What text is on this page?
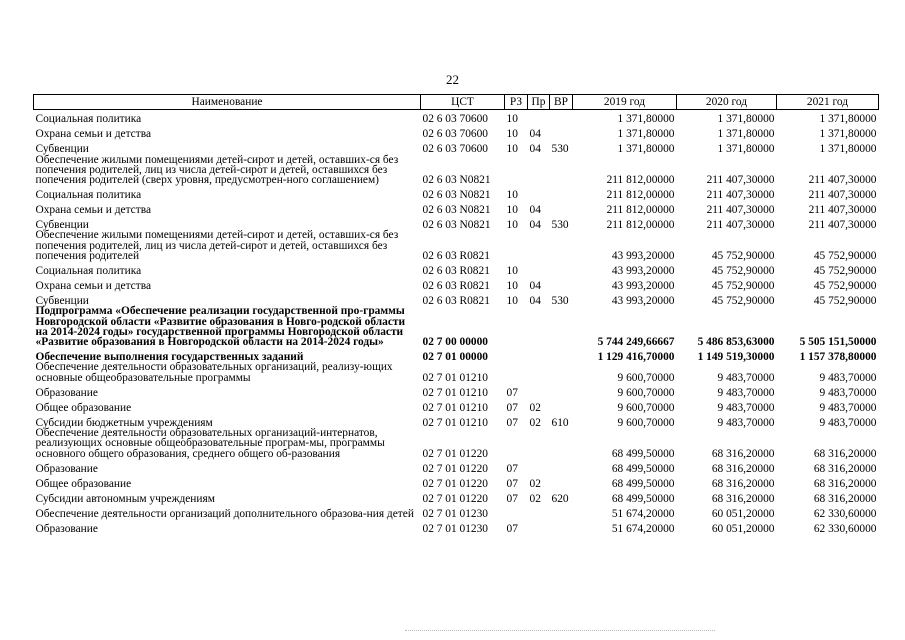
22
Наименование	ЦСТ	РЗ	Пр	ВР	2019 год	2020 год	2021 год
Социальная политика	02 6 03 70600	10			1 371,80000	1 371,80000	1 371,80000
Охрана семьи и детства	02 6 03 70600	10	04		1 371,80000	1 371,80000	1 371,80000
Субвенции	02 6 03 70600	10	04	530	1 371,80000	1 371,80000	1 371,80000
Обеспечение жилыми помещениями детей-сирот и детей, оставших-ся без попечения родителей, лиц из числа детей-сирот и детей, оставшихся без попечения родителей (сверх уровня, предусмотрен-ного соглашением)	02 6 03 N0821				211 812,00000	211 407,30000	211 407,30000
Социальная политика	02 6 03 N0821	10			211 812,00000	211 407,30000	211 407,30000
Охрана семьи и детства	02 6 03 N0821	10	04		211 812,00000	211 407,30000	211 407,30000
Субвенции	02 6 03 N0821	10	04	530	211 812,00000	211 407,30000	211 407,30000
Обеспечение жилыми помещениями детей-сирот и детей, оставших-ся без попечения родителей, лиц из числа детей-сирот и детей, оставшихся без попечения родителей	02 6 03 R0821				43 993,20000	45 752,90000	45 752,90000
Социальная политика	02 6 03 R0821	10			43 993,20000	45 752,90000	45 752,90000
Охрана семьи и детства	02 6 03 R0821	10	04		43 993,20000	45 752,90000	45 752,90000
Субвенции	02 6 03 R0821	10	04	530	43 993,20000	45 752,90000	45 752,90000
Подпрограмма «Обеспечение реализации государственной про-граммы Новгородской области «Развитие образования в Новго-родской области на 2014-2024 годы» государственной программы Новгородской области «Развитие образования в Новгородской области на 2014-2024 годы»	02 7 00 00000				5 744 249,66667	5 486 853,63000	5 505 151,50000
Обеспечение выполнения государственных заданий	02 7 01 00000				1 129 416,70000	1 149 519,30000	1 157 378,80000
Обеспечение деятельности образовательных организаций, реализу-ющих основные общеобразовательные программы	02 7 01 01210				9 600,70000	9 483,70000	9 483,70000
Образование	02 7 01 01210	07			9 600,70000	9 483,70000	9 483,70000
Общее образование	02 7 01 01210	07	02		9 600,70000	9 483,70000	9 483,70000
Субсидии бюджетным учреждениям	02 7 01 01210	07	02	610	9 600,70000	9 483,70000	9 483,70000
Обеспечение деятельности образовательных организаций-интернатов, реализующих основные общеобразовательные програм-мы, программы основного общего образования, среднего общего об-разования	02 7 01 01220				68 499,50000	68 316,20000	68 316,20000
Образование	02 7 01 01220	07			68 499,50000	68 316,20000	68 316,20000
Общее образование	02 7 01 01220	07	02		68 499,50000	68 316,20000	68 316,20000
Субсидии автономным учреждениям	02 7 01 01220	07	02	620	68 499,50000	68 316,20000	68 316,20000
Обеспечение деятельности организаций дополнительного образова-ния детей	02 7 01 01230				51 674,20000	60 051,20000	62 330,60000
Образование	02 7 01 01230	07			51 674,20000	60 051,20000	62 330,60000
